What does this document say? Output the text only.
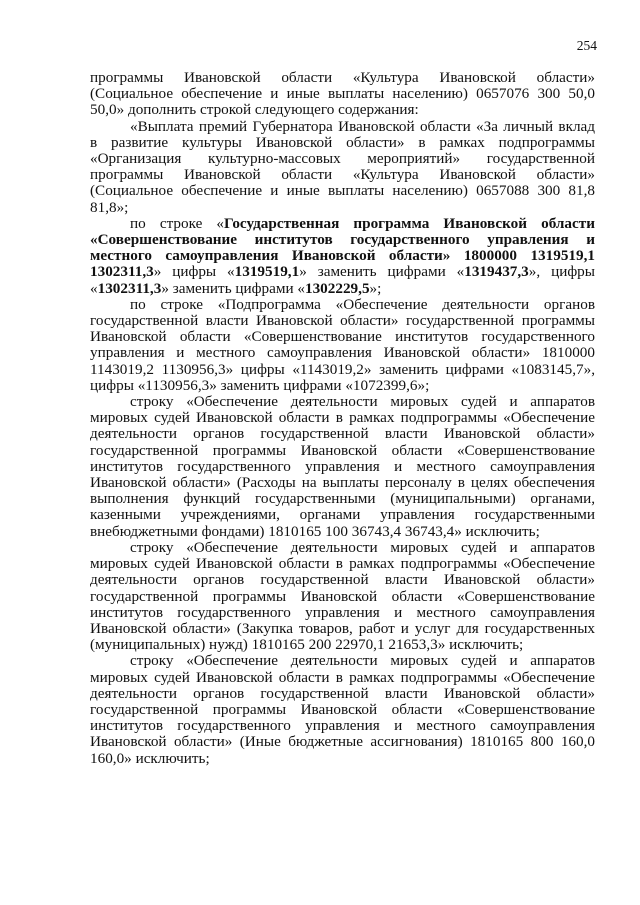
254

программы Ивановской области «Культура Ивановской области» (Социальное обеспечение и иные выплаты населению) 0657076 300 50,0 50,0» дополнить строкой следующего содержания:

«Выплата премий Губернатора Ивановской области «За личный вклад в развитие культуры Ивановской области» в рамках подпрограммы «Организация культурно-массовых мероприятий» государственной программы Ивановской области «Культура Ивановской области» (Социальное обеспечение и иные выплаты населению) 0657088 300 81,8 81,8»;

по строке «Государственная программа Ивановской области «Совершенствование институтов государственного управления и местного самоуправления Ивановской области» 1800000 1319519,1 1302311,3» цифры «1319519,1» заменить цифрами «1319437,3», цифры «1302311,3» заменить цифрами «1302229,5»;

по строке «Подпрограмма «Обеспечение деятельности органов государственной власти Ивановской области» государственной программы Ивановской области «Совершенствование институтов государственного управления и местного самоуправления Ивановской области» 1810000 1143019,2 1130956,3» цифры «1143019,2» заменить цифрами «1083145,7», цифры «1130956,3» заменить цифрами «1072399,6»;

строку «Обеспечение деятельности мировых судей и аппаратов мировых судей Ивановской области в рамках подпрограммы «Обеспечение деятельности органов государственной власти Ивановской области» государственной программы Ивановской области «Совершенствование институтов государственного управления и местного самоуправления Ивановской области» (Расходы на выплаты персоналу в целях обеспечения выполнения функций государственными (муниципальными) органами, казенными учреждениями, органами управления государственными внебюджетными фондами) 1810165 100 36743,4 36743,4» исключить;

строку «Обеспечение деятельности мировых судей и аппаратов мировых судей Ивановской области в рамках подпрограммы «Обеспечение деятельности органов государственной власти Ивановской области» государственной программы Ивановской области «Совершенствование институтов государственного управления и местного самоуправления Ивановской области» (Закупка товаров, работ и услуг для государственных (муниципальных) нужд) 1810165 200 22970,1 21653,3» исключить;

строку «Обеспечение деятельности мировых судей и аппаратов мировых судей Ивановской области в рамках подпрограммы «Обеспечение деятельности органов государственной власти Ивановской области» государственной программы Ивановской области «Совершенствование институтов государственного управления и местного самоуправления Ивановской области» (Иные бюджетные ассигнования) 1810165 800 160,0 160,0» исключить;
